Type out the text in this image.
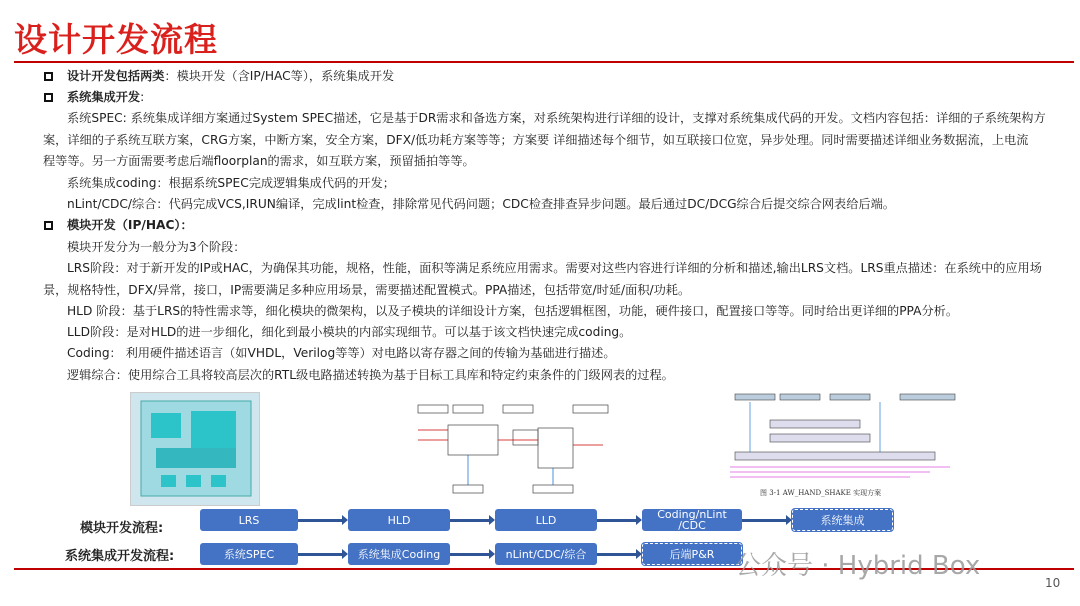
设计开发流程
设计开发包括两类：模块开发（含IP/HAC等），系统集成开发
系统集成开发:
系统SPEC: 系统集成详细方案通过System SPEC描述，它是基于DR需求和备选方案，对系统架构进行详细的设计，支撑对系统集成代码的开发。文档内容包括：详细的子系统架构方
案，详细的子系统互联方案，CRG方案，中断方案，安全方案，DFX/低功耗方案等等；方案要 详细描述每个细节，如互联接口位宽，异步处理。同时需要描述详细业务数据流，上电流
程等等。另一方面需要考虑后端floorplan的需求，如互联方案，预留插拍等等。
系统集成coding：根据系统SPEC完成逻辑集成代码的开发；
nLint/CDC/综合：代码完成VCS,IRUN编译，完成lint检查，排除常见代码问题；CDC检查排查异步问题。最后通过DC/DCG综合后提交综合网表给后端。
模块开发（IP/HAC）：
模块开发分为一般分为3个阶段：
LRS阶段：对于新开发的IP或HAC，为确保其功能，规格，性能，面积等满足系统应用需求。需要对这些内容进行详细的分析和描述,输出LRS文档。LRS重点描述：在系统中的应用场
景，规格特性，DFX/异常，接口，IP需要满足多种应用场景，需要描述配置模式。PPA描述，包括带宽/时延/面积/功耗。
HLD 阶段：基于LRS的特性需求等，细化模块的微架构，以及子模块的详细设计方案，包括逻辑框图，功能，硬件接口，配置接口等等。同时给出更详细的PPA分析。
LLD阶段：是对HLD的进一步细化，细化到最小模块的内部实现细节。可以基于该文档快速完成coding。
Coding： 利用硬件描述语言（如VHDL，Verilog等等）对电路以寄存器之间的传输为基础进行描述。
逻辑综合：使用综合工具将较高层次的RTL级电路描述转换为基于目标工具库和特定约束条件的门级网表的过程。
图 3-1 AW_HAND_SHAKE 实现方案
模块开发流程:
LRS	HLD	LLD	Coding/nLint /CDC	系统集成
系统集成开发流程:	系统SPEC	系统集成Coding	nLint/CDC/综合	后端P&R 公众号 · Hybrid Box
10
